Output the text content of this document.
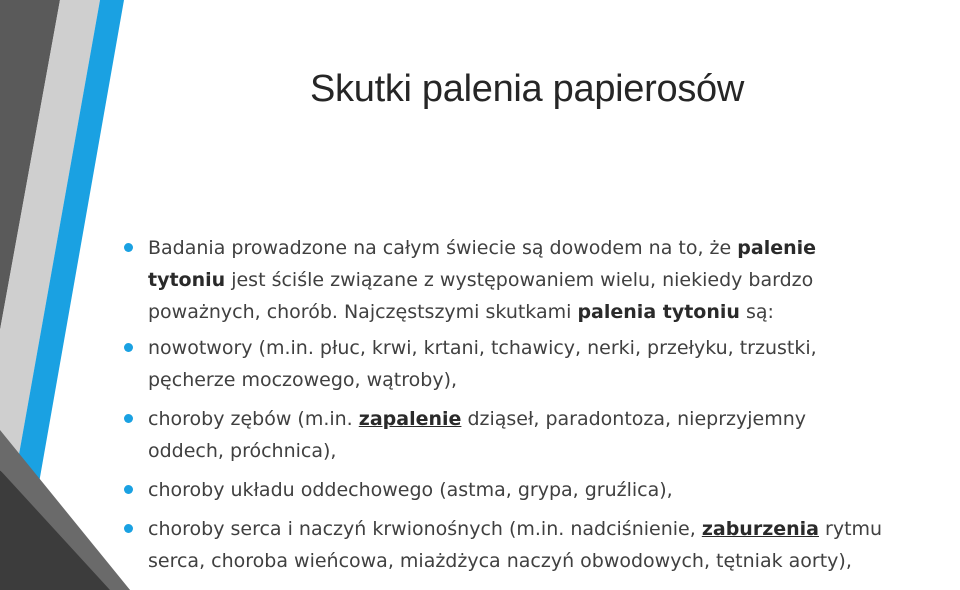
Skutki palenia papierosów
Badania prowadzone na całym świecie są dowodem na to, że palenie
tytoniu jest ściśle związane z występowaniem wielu, niekiedy bardzo
poważnych, chorób. Najczęstszymi skutkami palenia tytoniu są:
nowotwory (m.in. płuc, krwi, krtani, tchawicy, nerki, przełyku, trzustki,
pęcherze moczowego, wątroby),
choroby zębów (m.in. zapalenie dziąseł, paradontoza, nieprzyjemny
oddech, próchnica),
choroby układu oddechowego (astma, grypa, gruźlica),
choroby serca i naczyń krwionośnych (m.in. nadciśnienie, zaburzenia rytmu
serca, choroba wieńcowa, miażdżyca naczyń obwodowych, tętniak aorty),
